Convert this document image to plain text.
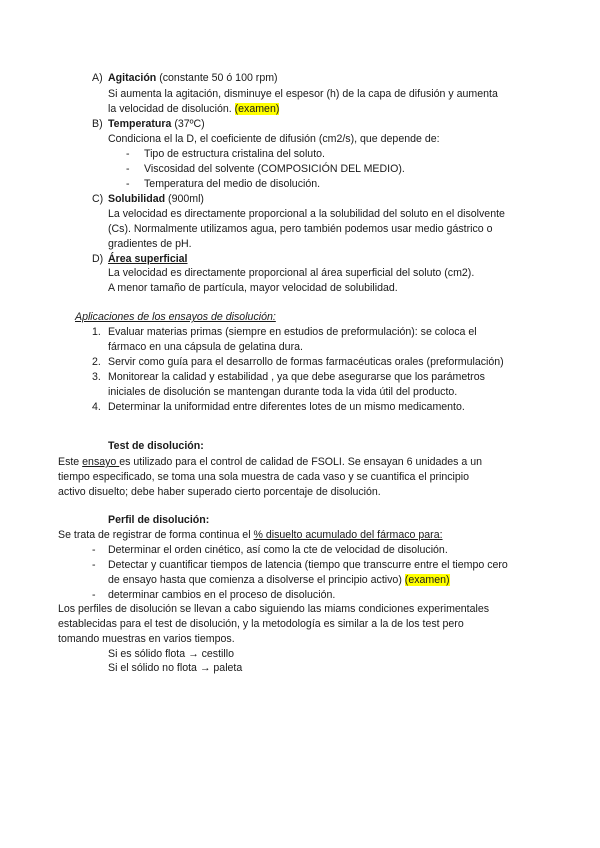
A) Agitación (constante 50 ó 100 rpm)
Si aumenta la agitación, disminuye el espesor (h) de la capa de difusión y aumenta
la velocidad de disolución. (examen)
B) Temperatura (37ºC)
Condiciona el la D, el coeficiente de difusión (cm2/s), que depende de:
- Tipo de estructura cristalina del soluto.
- Viscosidad del solvente (COMPOSICIÓN DEL MEDIO).
- Temperatura del medio de disolución.
C) Solubilidad (900ml)
La velocidad es directamente proporcional a la solubilidad del soluto en el disolvente
(Cs). Normalmente utilizamos agua, pero también podemos usar medio gástrico o
gradientes de pH.
D) Área superficial
La velocidad es directamente proporcional al área superficial del soluto (cm2).
A menor tamaño de partícula, mayor velocidad de solubilidad.
Aplicaciones de los ensayos de disolución:
1. Evaluar materias primas (siempre en estudios de preformulación): se coloca el
fármaco en una cápsula de gelatina dura.
2. Servir como guía para el desarrollo de formas farmacéuticas orales (preformulación)
3. Monitorear la calidad y estabilidad , ya que debe asegurarse que los parámetros
iniciales de disolución se mantengan durante toda la vida útil del producto.
4. Determinar la uniformidad entre diferentes lotes de un mismo medicamento.
Test de disolución:
Este ensayo es utilizado para el control de calidad de FSOLI. Se ensayan 6 unidades a un
tiempo especificado, se toma una sola muestra de cada vaso y se cuantifica el principio
activo disuelto; debe haber superado cierto porcentaje de disolución.
Perfil de disolución:
Se trata de registrar de forma continua el % disuelto acumulado del fármaco para:
- Determinar el orden cinético, así como la cte de velocidad de disolución.
- Detectar y cuantificar tiempos de latencia (tiempo que transcurre entre el tiempo cero
de ensayo hasta que comienza a disolverse el principio activo) (examen)
- determinar cambios en el proceso de disolución.
Los perfiles de disolución se llevan a cabo siguiendo las miams condiciones experimentales
establecidas para el test de disolución, y la metodología es similar a la de los test pero
tomando muestras en varios tiempos.
Si es sólido flota → cestillo
Si el sólido no flota → paleta
